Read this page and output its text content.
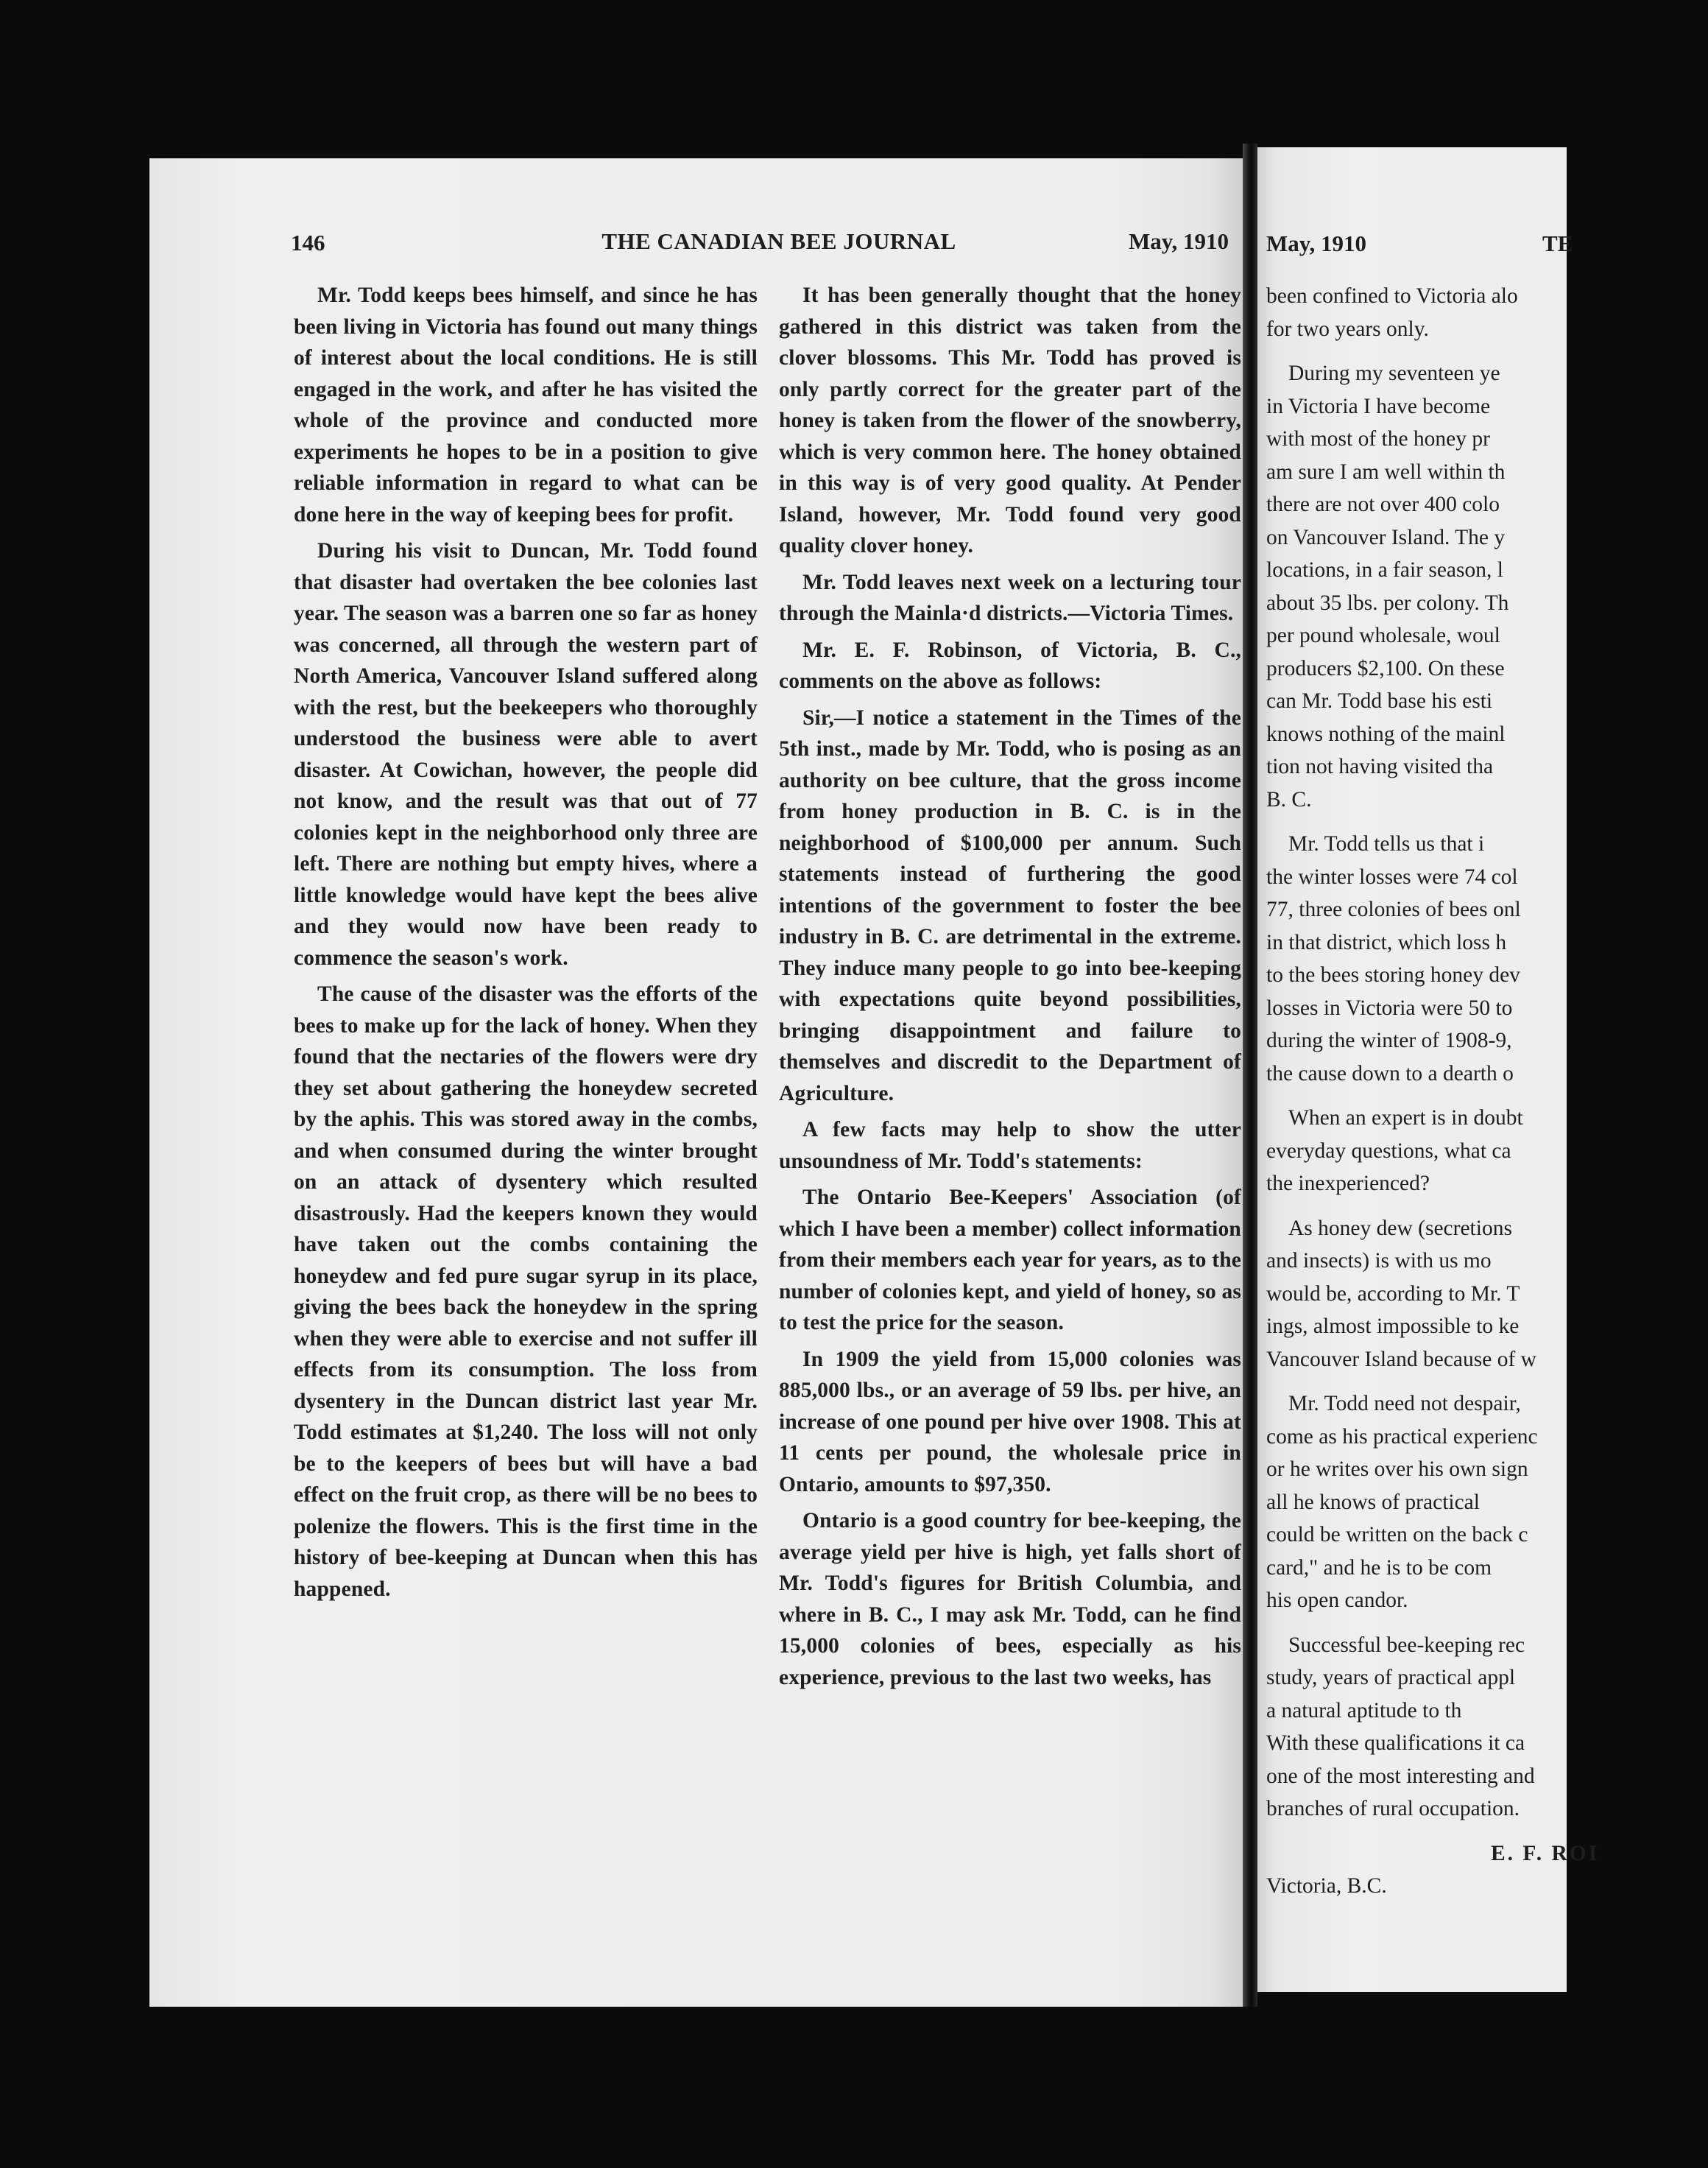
146	THE CANADIAN BEE JOURNAL	May, 1910

Mr. Todd keeps bees himself, and since he has been living in Victoria has found out many things of interest about the local conditions. He is still engaged in the work, and after he has visited the whole of the province and conducted more experiments he hopes to be in a position to give reliable information in regard to what can be done here in the way of keeping bees for profit.

During his visit to Duncan, Mr. Todd found that disaster had overtaken the bee colonies last year. The season was a barren one so far as honey was concerned, all through the western part of North America, Vancouver Island suffered along with the rest, but the beekeepers who thoroughly understood the business were able to avert disaster. At Cowichan, however, the people did not know, and the result was that out of 77 colonies kept in the neighborhood only three are left. There are nothing but empty hives, where a little knowledge would have kept the bees alive and they would now have been ready to commence the season's work.

The cause of the disaster was the efforts of the bees to make up for the lack of honey. When they found that the nectaries of the flowers were dry they set about gathering the honeydew secreted by the aphis. This was stored away in the combs, and when consumed during the winter brought on an attack of dysentery which resulted disastrously. Had the keepers known they would have taken out the combs containing the honeydew and fed pure sugar syrup in its place, giving the bees back the honeydew in the spring when they were able to exercise and not suffer ill effects from its consumption. The loss from dysentery in the Duncan district last year Mr. Todd estimates at $1,240. The loss will not only be to the keepers of bees but will have a bad effect on the fruit crop, as there will be no bees to polenize the flowers. This is the first time in the history of bee-keeping at Duncan when this has happened.

It has been generally thought that the honey gathered in this district was taken from the clover blossoms. This Mr. Todd has proved is only partly correct for the greater part of the honey is taken from the flower of the snowberry, which is very common here. The honey obtained in this way is of very good quality. At Pender Island, however, Mr. Todd found very good quality clover honey.

Mr. Todd leaves next week on a lecturing tour through the Mainla·d districts.—Victoria Times.

Mr. E. F. Robinson, of Victoria, B. C., comments on the above as follows:

Sir,—I notice a statement in the Times of the 5th inst., made by Mr. Todd, who is posing as an authority on bee culture, that the gross income from honey production in B. C. is in the neighborhood of $100,000 per annum. Such statements instead of furthering the good intentions of the government to foster the bee industry in B. C. are detrimental in the extreme. They induce many people to go into bee-keeping with expectations quite beyond possibilities, bringing disappointment and failure to themselves and discredit to the Department of Agriculture.

A few facts may help to show the utter unsoundness of Mr. Todd's statements:

The Ontario Bee-Keepers' Association (of which I have been a member) collect information from their members each year for years, as to the number of colonies kept, and yield of honey, so as to test the price for the season.

In 1909 the yield from 15,000 colonies was 885,000 lbs., or an average of 59 lbs. per hive, an increase of one pound per hive over 1908. This at 11 cents per pound, the wholesale price in Ontario, amounts to $97,350.

Ontario is a good country for bee-keeping, the average yield per hive is high, yet falls short of Mr. Todd's figures for British Columbia, and where in B. C., I may ask Mr. Todd, can he find 15,000 colonies of bees, especially as his experience, previous to the last two weeks, has

May, 1910	TE
been confined to Victoria alo
for two years only.
During my seventeen ye
in Victoria I have become
with most of the honey pr
am sure I am well within th
there are not over 400 colo
on Vancouver Island. The y
locations, in a fair season, l
about 35 lbs. per colony. Th
per pound wholesale, woul
producers $2,100. On these
can Mr. Todd base his esti
knows nothing of the mainl
tion not having visited tha
B. C.
Mr. Todd tells us that i
the winter losses were 74 col
77, three colonies of bees onl
in that district, which loss h
to the bees storing honey dev
losses in Victoria were 50 to
during the winter of 1908-9,
the cause down to a dearth o
When an expert is in doubt
everyday questions, what ca
the inexperienced?
As honey dew (secretions
and insects) is with us mo
would be, according to Mr. T
ings, almost impossible to ke
Vancouver Island because of w
Mr. Todd need not despair,
come as his practical experienc
or he writes over his own sign
all he knows of practical
could be written on the back c
card," and he is to be com
his open candor.
Successful bee-keeping rec
study, years of practical appl
a natural aptitude to th
With these qualifications it ca
one of the most interesting and
branches of rural occupation.
E. F. ROI
Victoria, B.C.
